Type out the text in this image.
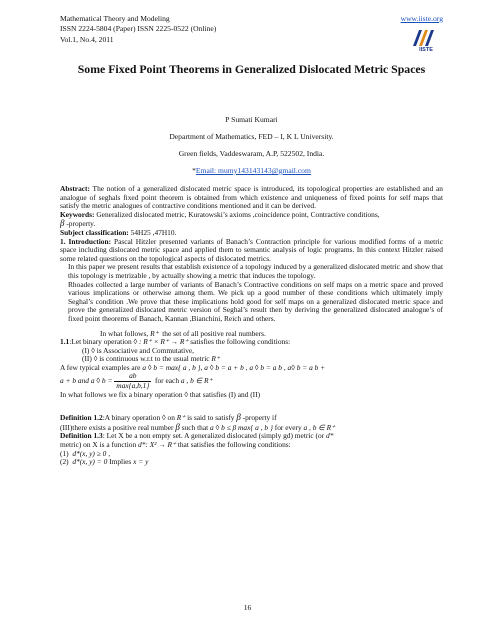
Mathematical Theory and Modeling
ISSN 2224-5804 (Paper) ISSN 2225-0522 (Online)
Vol.1, No.4, 2011
www.iiste.org
IISTE
Some Fixed Point Theorems in Generalized Dislocated Metric Spaces
P Sumati Kumari
Department of Mathematics, FED – I, K L University.
Green fields, Vaddeswaram, A.P, 522502, India.
*Email: mumy143143143@gmail.com

Abstract: The notion of a generalized dislocated metric space is introduced, its topological properties are established and an analogue of seghals fixed point theorem is obtained from which existence and uniqueness of fixed points for self maps that satisfy the metric analogues of contractive conditions mentioned and it can be derived.

Keywords: Generalized dislocated metric, Kuratowski’s axioms ,coincidence point, Contractive conditions,

β -property.

Subject classification: 54H25 ,47H10.

1. Introduction: Pascal Hitzler presented variants of Banach’s Contraction principle for various modified forms of a metric space including dislocated metric space and applied them to semantic analysis of logic programs. In this context Hitzler raised some related questions on the topological aspects of dislocated metrics.

In this paper we present results that establish existence of a topology induced by a generalized dislocated metric and show that this topology is metrizable , by actually showing a metric that induces the topology.

Rhoades collected a large number of variants of Banach’s Contractive conditions on self maps on a metric space and proved various implications or otherwise among them. We pick up a good number of these conditions which ultimately imply Seghal’s condition .We prove that these implications hold good for self maps on a generalized dislocated metric space and prove the generalized dislocated metric version of Seghal’s result then by deriving the generalized dislocated analogue’s of fixed point theorems of Banach, Kannan ,Bianchini, Reich and others.

In what follows, R⁺ the set of all positive real numbers.

1.1:Let binary operation ◊ : R⁺ × R⁺ → R⁺ satisfies the following conditions:

(I) ◊ is Associative and Commutative,

(II) ◊ is continuous w.r.t to the usual metric R⁺

A few typical examples are a ◊ b = max{ a , b }, a ◊ b = a + b , a ◊ b = a b , a◊ b = a b +

a + b and a ◊ $b = \frac{ab}{\max\{a,b,1\}}$ for each a , b ∈ R⁺

In what follows we fix a binary operation ◊ that satisfies (I) and (II)

Definition 1.2:A binary operation ◊ on R⁺ is said to satisfy β -property if

(III)there exists a positive real number β such that a ◊ b ≤ β max{ a , b } for every a , b ∈ R⁺

Definition 1.3: Let X be a non empty set. A generalized dislocated (simply gd) metric (or d*

metric) on X is a function d*: X² → R⁺ that satisfies the following conditions:

(1) d*(x, y) ≥ 0 ,

(2) d*(x, y) = 0 Implies x = y

16
